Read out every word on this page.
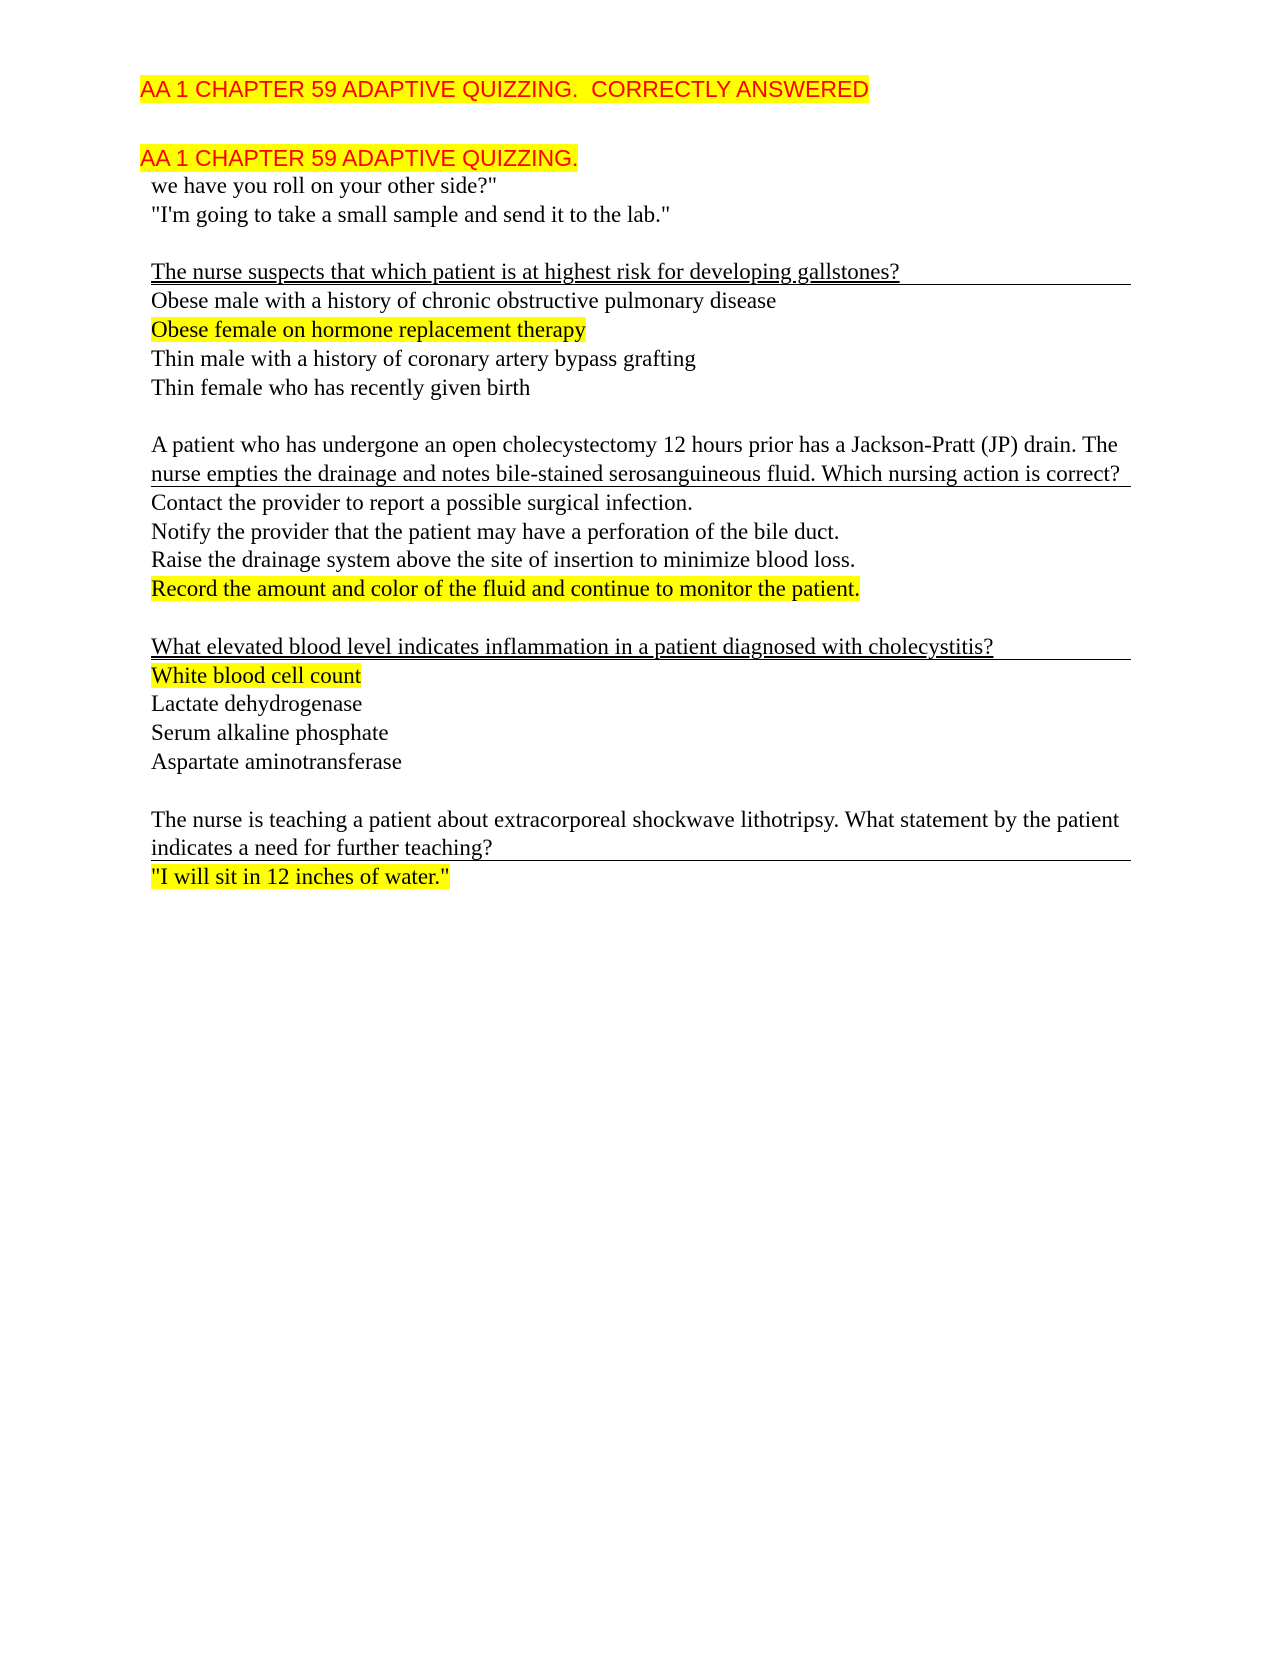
AA 1 CHAPTER 59 ADAPTIVE QUIZZING.  CORRECTLY ANSWERED
AA 1 CHAPTER 59 ADAPTIVE QUIZZING.
we have you roll on your other side?"
"I'm going to take a small sample and send it to the lab."
The nurse suspects that which patient is at highest risk for developing gallstones?
Obese male with a history of chronic obstructive pulmonary disease
Obese female on hormone replacement therapy
Thin male with a history of coronary artery bypass grafting
Thin female who has recently given birth
A patient who has undergone an open cholecystectomy 12 hours prior has a Jackson-Pratt (JP) drain. The nurse empties the drainage and notes bile-stained serosanguineous fluid. Which nursing action is correct?
Contact the provider to report a possible surgical infection.
Notify the provider that the patient may have a perforation of the bile duct.
Raise the drainage system above the site of insertion to minimize blood loss.
Record the amount and color of the fluid and continue to monitor the patient.
What elevated blood level indicates inflammation in a patient diagnosed with cholecystitis?
White blood cell count
Lactate dehydrogenase
Serum alkaline phosphate
Aspartate aminotransferase
The nurse is teaching a patient about extracorporeal shockwave lithotripsy. What statement by the patient indicates a need for further teaching?
"I will sit in 12 inches of water."
